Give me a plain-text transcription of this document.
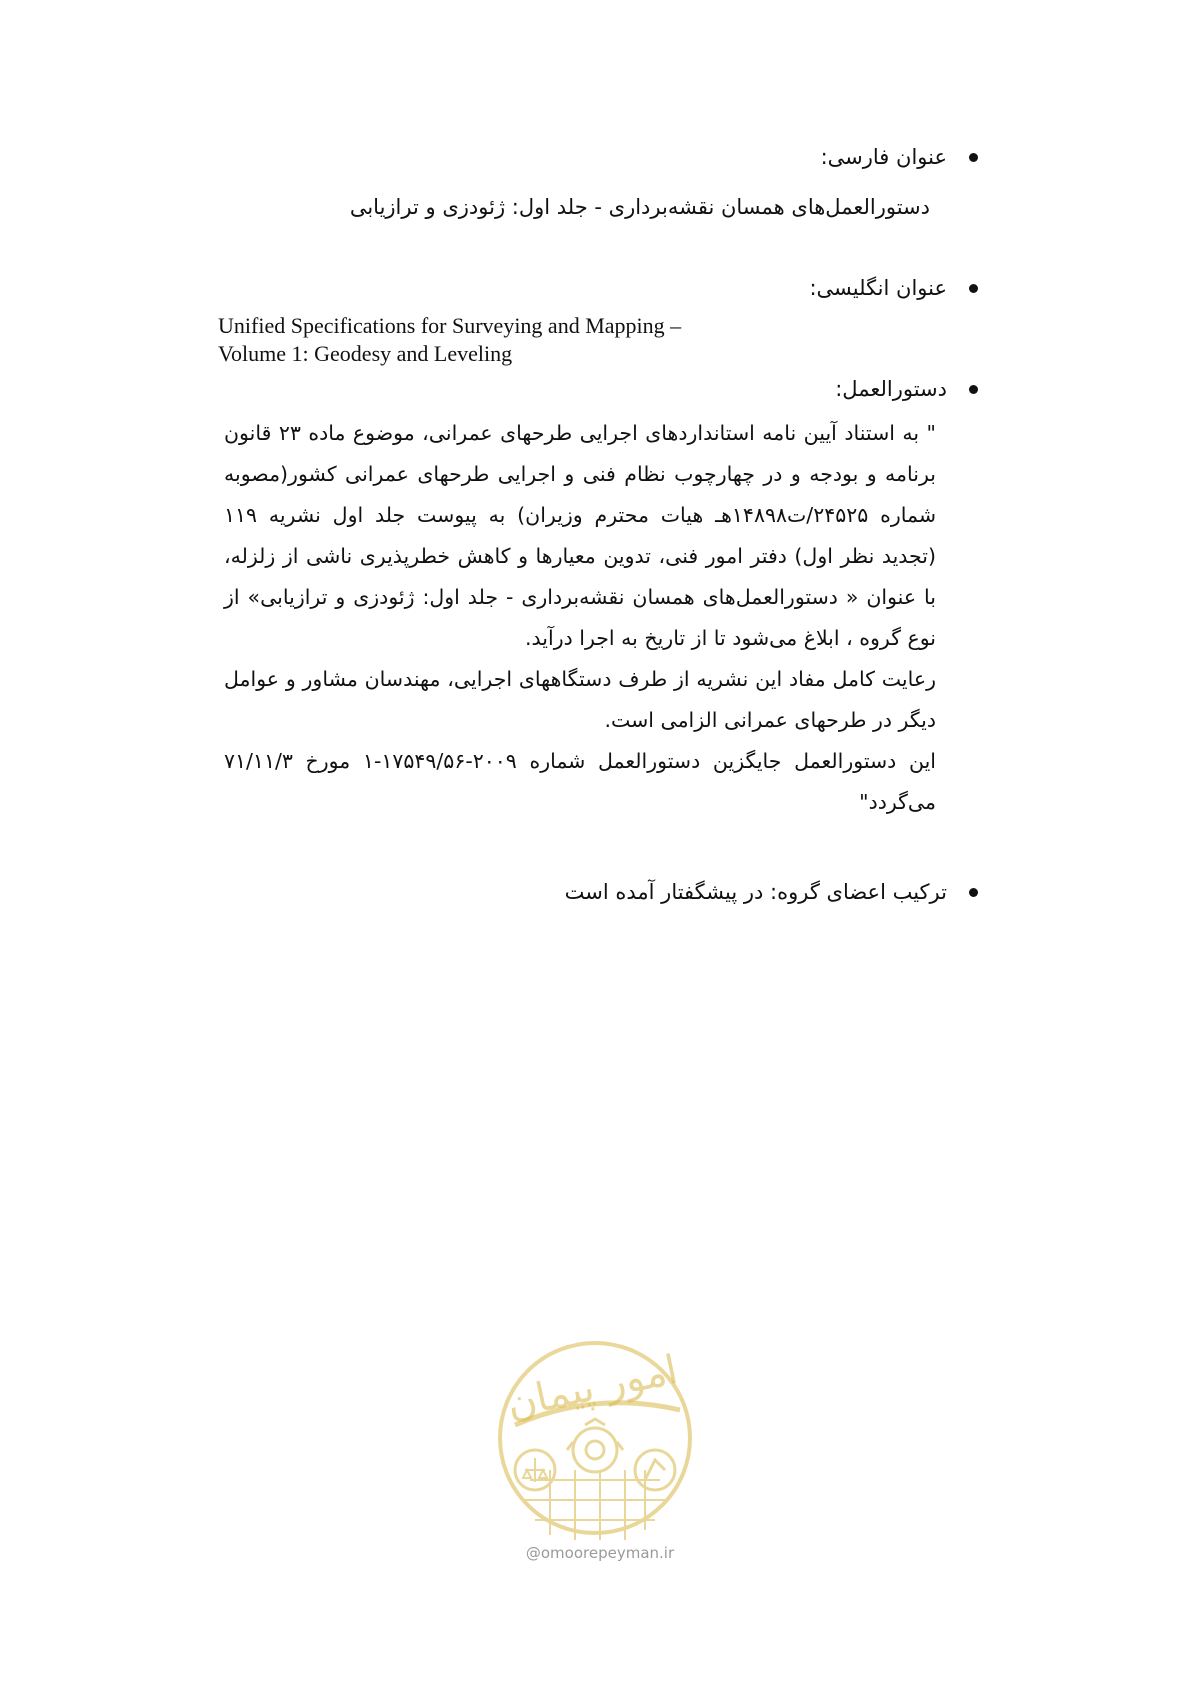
عنوان فارسی:
دستورالعمل‌های همسان نقشه‌برداری - جلد اول: ژئودزی و ترازیابی
عنوان انگلیسی:
Unified Specifications for Surveying and Mapping –
Volume 1: Geodesy and Leveling
دستورالعمل:

" به استناد آیین نامه استانداردهای اجرایی طرحهای عمرانی، موضوع ماده ۲۳ قانون برنامه و بودجه و در چهارچوب نظام فنی و اجرایی طرحهای عمرانی کشور(مصوبه شماره ۲۴۵۲۵/ت۱۴۸۹۸هـ هیات محترم وزیران) به پیوست جلد اول نشریه ۱۱۹ (تجدید نظر اول) دفتر امور فنی، تدوین معیارها و کاهش خطرپذیری ناشی از زلزله، با عنوان « دستورالعمل‌های همسان نقشه‌برداری - جلد اول: ژئودزی و ترازیابی» از نوع گروه ، ابلاغ می‌شود تا از تاریخ به اجرا درآید.

رعایت کامل مفاد این نشریه از طرف دستگاههای اجرایی، مهندسان مشاور و عوامل دیگر در طرحهای عمرانی الزامی است.

این دستورالعمل جایگزین دستورالعمل شماره ۲۰۰۹-۱۷۵۴۹/۵۶-۱ مورخ ۷۱/۱۱/۳ می‌گردد"

ترکیب اعضای گروه: در پیشگفتار آمده است
امور پیمان
@omoorepeyman.ir
